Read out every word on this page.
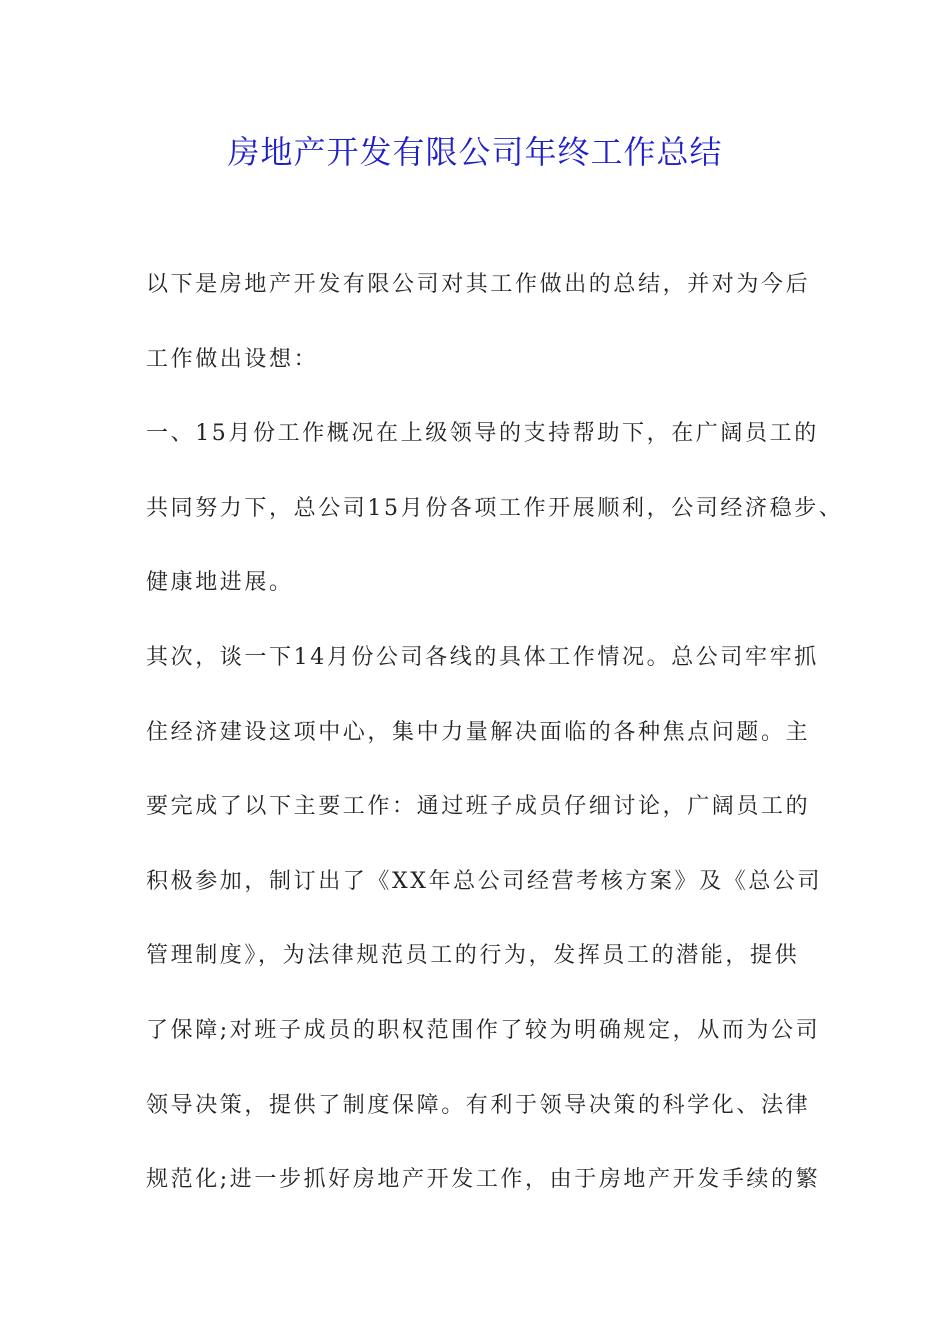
房地产开发有限公司年终工作总结
以下是房地产开发有限公司对其工作做出的总结，并对为今后
工作做出设想：
一、15月份工作概况在上级领导的支持帮助下，在广阔员工的
共同努力下，总公司15月份各项工作开展顺利，公司经济稳步、
健康地进展。
其次，谈一下14月份公司各线的具体工作情况。总公司牢牢抓
住经济建设这项中心，集中力量解决面临的各种焦点问题。主
要完成了以下主要工作：通过班子成员仔细讨论，广阔员工的
积极参加，制订出了《XX年总公司经营考核方案》及《总公司
管理制度》，为法律规范员工的行为，发挥员工的潜能，提供
了保障;对班子成员的职权范围作了较为明确规定，从而为公司
领导决策，提供了制度保障。有利于领导决策的科学化、法律
规范化;进一步抓好房地产开发工作，由于房地产开发手续的繁
